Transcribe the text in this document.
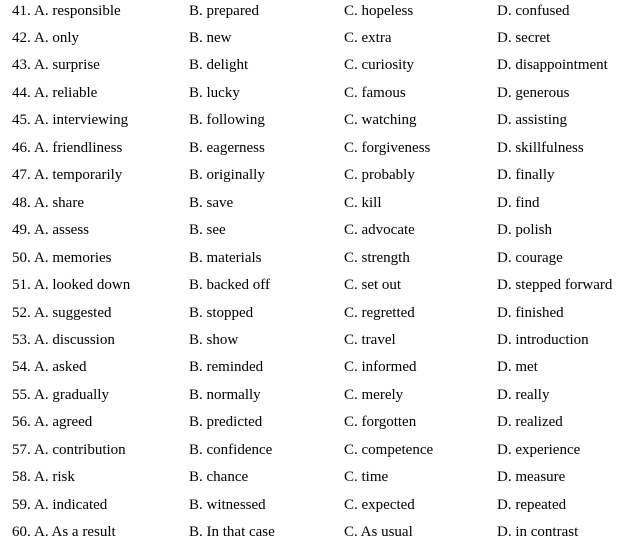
41. A. responsible	B. prepared	C. hopeless	D. confused
42. A. only	B. new	C. extra	D. secret
43. A. surprise	B. delight	C. curiosity	D. disappointment
44. A. reliable	B. lucky	C. famous	D. generous
45. A. interviewing	B. following	C. watching	D. assisting
46. A. friendliness	B. eagerness	C. forgiveness	D. skillfulness
47. A. temporarily	B. originally	C. probably	D. finally
48. A. share	B. save	C. kill	D. find
49. A. assess	B. see	C. advocate	D. polish
50. A. memories	B. materials	C. strength	D. courage
51. A. looked down	B. backed off	C. set out	D. stepped forward
52. A. suggested	B. stopped	C. regretted	D. finished
53. A. discussion	B. show	C. travel	D. introduction
54. A. asked	B. reminded	C. informed	D. met
55. A. gradually	B. normally	C. merely	D. really
56. A. agreed	B. predicted	C. forgotten	D. realized
57. A. contribution	B. confidence	C. competence	D. experience
58. A. risk	B. chance	C. time	D. measure
59. A. indicated	B. witnessed	C. expected	D. repeated
60. A. As a result	B. In that case	C. As usual	D. in contrast
